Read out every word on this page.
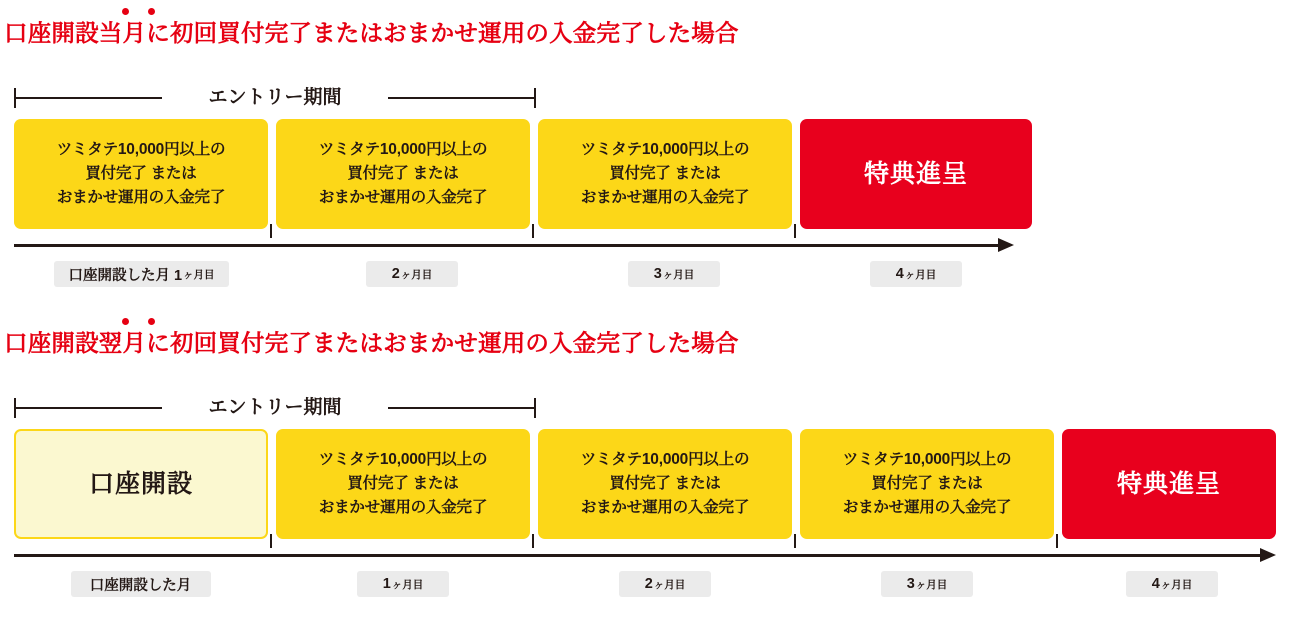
口座開設当月に初回買付完了またはおまかせ運用の入金完了した場合
エントリー期間
ツミタテ10,000円以上の
買付完了 または
おまかせ運用の入金完了
ツミタテ10,000円以上の
買付完了 または
おまかせ運用の入金完了
ツミタテ10,000円以上の
買付完了 または
おまかせ運用の入金完了
特典進呈
口座開設した月 1 ヶ月目	2 ヶ月目	3 ヶ月目	4 ヶ月目
口座開設翌月に初回買付完了またはおまかせ運用の入金完了した場合
エントリー期間
口座開設
ツミタテ10,000円以上の
買付完了 または
おまかせ運用の入金完了
ツミタテ10,000円以上の
買付完了 または
おまかせ運用の入金完了
ツミタテ10,000円以上の
買付完了 または
おまかせ運用の入金完了
特典進呈
口座開設した月	1 ヶ月目	2 ヶ月目	3 ヶ月目	4 ヶ月目
